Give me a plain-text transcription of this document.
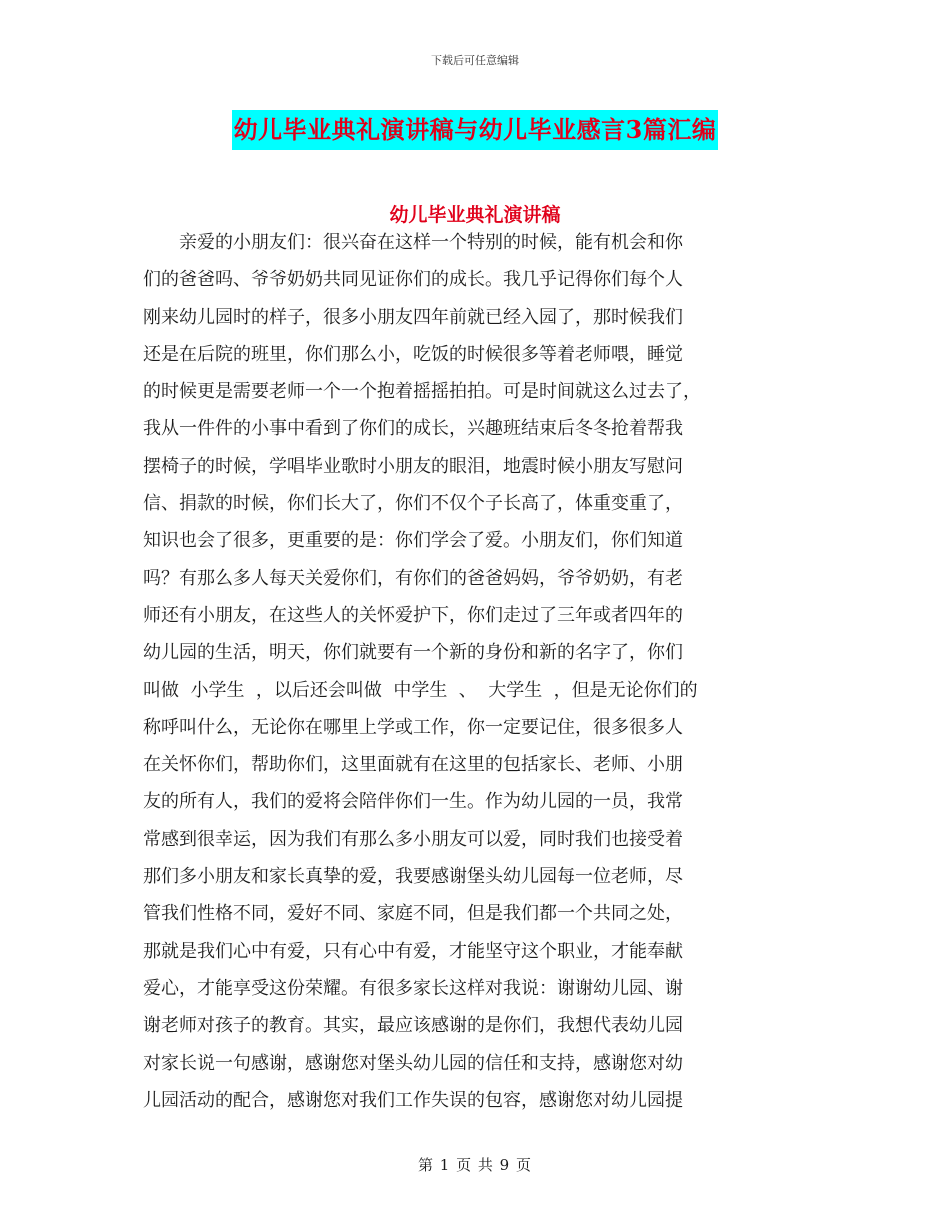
下载后可任意编辑
幼儿毕业典礼演讲稿与幼儿毕业感言3篇汇编
幼儿毕业典礼演讲稿
亲爱的小朋友们：很兴奋在这样一个特别的时候，能有机会和你
们的爸爸吗、爷爷奶奶共同见证你们的成长。我几乎记得你们每个人
刚来幼儿园时的样子，很多小朋友四年前就已经入园了，那时候我们
还是在后院的班里，你们那么小，吃饭的时候很多等着老师喂，睡觉
的时候更是需要老师一个一个抱着摇摇拍拍。可是时间就这么过去了，
我从一件件的小事中看到了你们的成长，兴趣班结束后冬冬抢着帮我
摆椅子的时候，学唱毕业歌时小朋友的眼泪，地震时候小朋友写慰问
信、捐款的时候，你们长大了，你们不仅个子长高了，体重变重了，
知识也会了很多，更重要的是：你们学会了爱。小朋友们，你们知道
吗？有那么多人每天关爱你们，有你们的爸爸妈妈，爷爷奶奶，有老
师还有小朋友，在这些人的关怀爱护下，你们走过了三年或者四年的
幼儿园的生活，明天，你们就要有一个新的身份和新的名字了，你们
叫做  小学生  ，以后还会叫做  中学生  、  大学生  ，但是无论你们的
称呼叫什么，无论你在哪里上学或工作，你一定要记住，很多很多人
在关怀你们，帮助你们，这里面就有在这里的包括家长、老师、小朋
友的所有人，我们的爱将会陪伴你们一生。作为幼儿园的一员，我常
常感到很幸运，因为我们有那么多小朋友可以爱，同时我们也接受着
那们多小朋友和家长真挚的爱，我要感谢堡头幼儿园每一位老师，尽
管我们性格不同，爱好不同、家庭不同，但是我们都一个共同之处，
那就是我们心中有爱，只有心中有爱，才能坚守这个职业，才能奉献
爱心，才能享受这份荣耀。有很多家长这样对我说：谢谢幼儿园、谢
谢老师对孩子的教育。其实，最应该感谢的是你们，我想代表幼儿园
对家长说一句感谢，感谢您对堡头幼儿园的信任和支持，感谢您对幼
儿园活动的配合，感谢您对我们工作失误的包容，感谢您对幼儿园提
第 1 页 共 9 页
